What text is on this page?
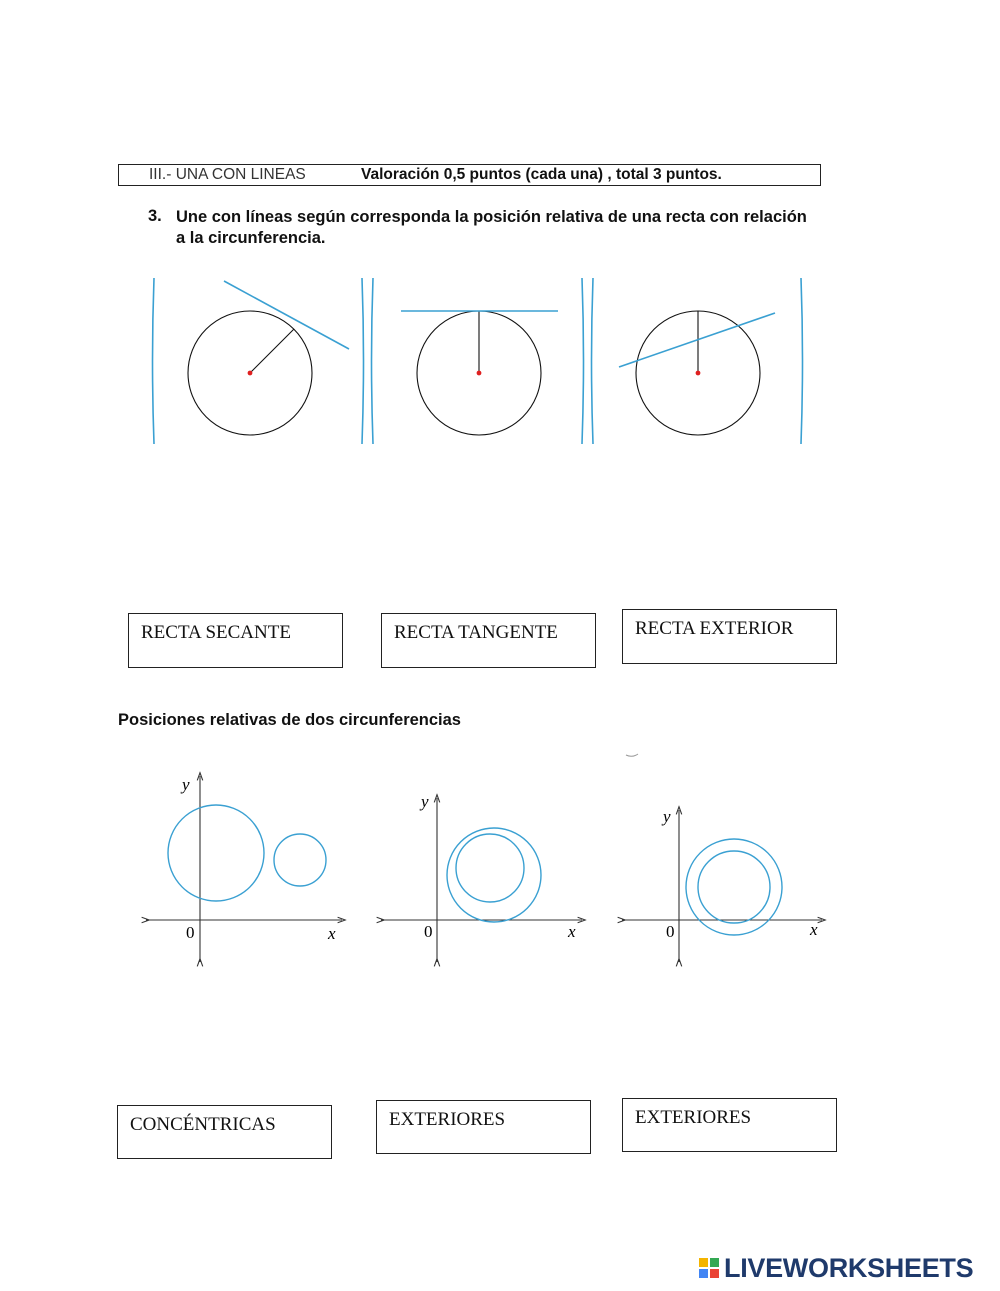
III.- UNA CON LINEAS	Valoración 0,5 puntos (cada una) , total 3 puntos.
3. Une con líneas según corresponda la posición relativa de una recta con relación a la circunferencia.
RECTA SECANTE	RECTA TANGENTE	RECTA EXTERIOR
Posiciones relativas de dos circunferencias
y
x
0
y
x
0
y
x
0
CONCÉNTRICAS	EXTERIORES	EXTERIORES
LIVEWORKSHEETS
